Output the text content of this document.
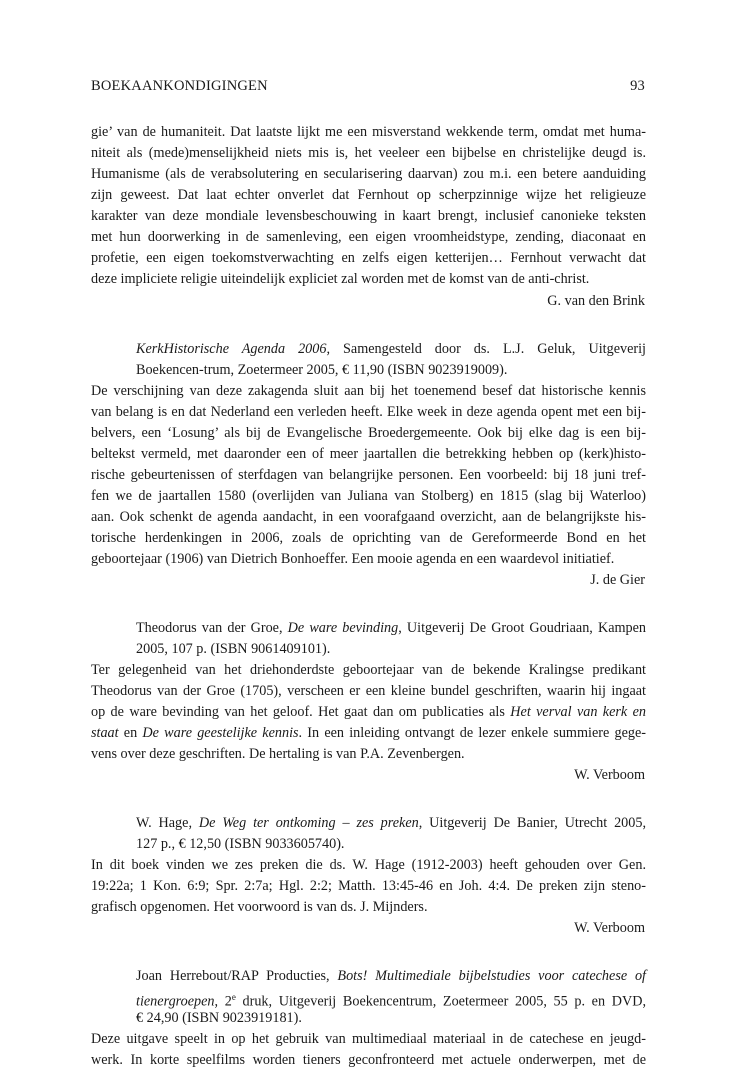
BOEKAANKONDIGINGEN	93
gie’ van de humaniteit. Dat laatste lijkt me een misverstand wekkende term, omdat met huma-
niteit als (mede)menselijkheid niets mis is, het veeleer een bijbelse en christelijke deugd is.
Humanisme (als de verabsolutering en secularisering daarvan) zou m.i. een betere aanduiding
zijn geweest. Dat laat echter onverlet dat Fernhout op scherpzinnige wijze het religieuze
karakter van deze mondiale levensbeschouwing in kaart brengt, inclusief canonieke teksten
met hun doorwerking in de samenleving, een eigen vroomheidstype, zending, diaconaat en
profetie, een eigen toekomstverwachting en zelfs eigen ketterijen… Fernhout verwacht dat
deze impliciete religie uiteindelijk expliciet zal worden met de komst van de anti-christ.
G. van den Brink
KerkHistorische Agenda 2006, Samengesteld door ds. L.J. Geluk, Uitgeverij
Boekencen-trum, Zoetermeer 2005, € 11,90 (ISBN 9023919009).
De verschijning van deze zakagenda sluit aan bij het toenemend besef dat historische kennis
van belang is en dat Nederland een verleden heeft. Elke week in deze agenda opent met een bij-
belvers, een ‘Losung’ als bij de Evangelische Broedergemeente. Ook bij elke dag is een bij-
beltekst vermeld, met daaronder een of meer jaartallen die betrekking hebben op (kerk)histo-
rische gebeurtenissen of sterfdagen van belangrijke personen. Een voorbeeld: bij 18 juni tref-
fen we de jaartallen 1580 (overlijden van Juliana van Stolberg) en 1815 (slag bij Waterloo)
aan. Ook schenkt de agenda aandacht, in een voorafgaand overzicht, aan de belangrijkste his-
torische herdenkingen in 2006, zoals de oprichting van de Gereformeerde Bond en het
geboortejaar (1906) van Dietrich Bonhoeffer. Een mooie agenda en een waardevol initiatief.
J. de Gier
Theodorus van der Groe, De ware bevinding, Uitgeverij De Groot Goudriaan, Kampen
2005, 107 p. (ISBN 9061409101).
Ter gelegenheid van het driehonderdste geboortejaar van de bekende Kralingse predikant
Theodorus van der Groe (1705), verscheen er een kleine bundel geschriften, waarin hij ingaat
op de ware bevinding van het geloof. Het gaat dan om publicaties als Het verval van kerk en
staat en De ware geestelijke kennis. In een inleiding ontvangt de lezer enkele summiere gege-
vens over deze geschriften. De hertaling is van P.A. Zevenbergen.
W. Verboom
W. Hage, De Weg ter ontkoming – zes preken, Uitgeverij De Banier, Utrecht 2005,
127 p., € 12,50 (ISBN 9033605740).
In dit boek vinden we zes preken die ds. W. Hage (1912-2003) heeft gehouden over Gen.
19:22a; 1 Kon. 6:9; Spr. 2:7a; Hgl. 2:2; Matth. 13:45-46 en Joh. 4:4. De preken zijn steno-
grafisch opgenomen. Het voorwoord is van ds. J. Mijnders.
W. Verboom
Joan Herrebout/RAP Producties, Bots! Multimediale bijbelstudies voor catechese of
tienergroepen, 2e druk, Uitgeverij Boekencentrum, Zoetermeer 2005, 55 p. en DVD,
€ 24,90 (ISBN 9023919181).
Deze uitgave speelt in op het gebruik van multimediaal materiaal in de catechese en jeugd-
werk. In korte speelfilms worden tieners geconfronteerd met actuele onderwerpen, met de
